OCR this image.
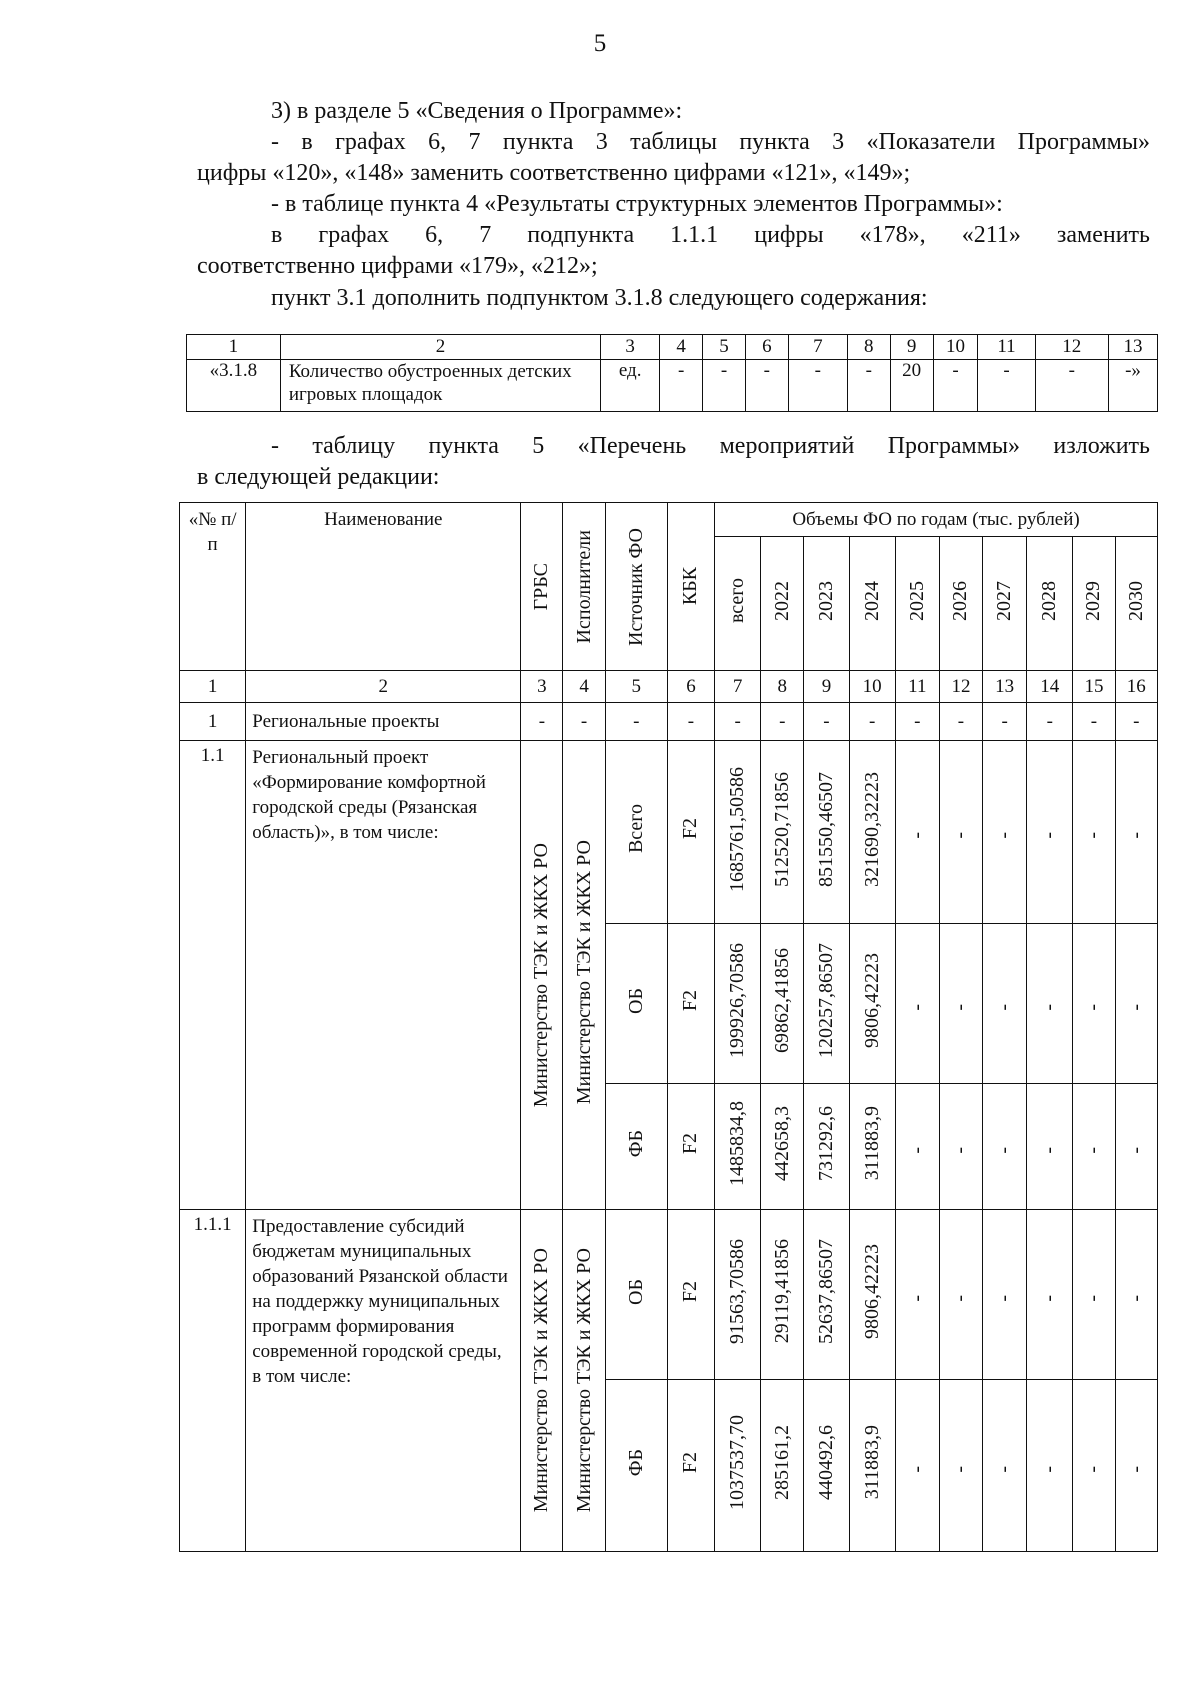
5
3) в разделе 5 «Сведения о Программе»:
- в графах 6, 7 пункта 3 таблицы пункта 3 «Показатели Программы»
цифры «120», «148» заменить соответственно цифрами «121», «149»;
- в таблице пункта 4 «Результаты структурных элементов Программы»:
в графах 6, 7 подпункта 1.1.1 цифры «178», «211» заменить
соответственно цифрами «179», «212»;
пункт 3.1 дополнить подпунктом 3.1.8 следующего содержания:
1	2	3	4	5	6	7	8	9	10	11	12	13
«3.1.8	Количество обустроенных детских игровых площадок	ед.	-	-	-	-	-	20	-	-	-	-»
- таблицу пункта 5 «Перечень мероприятий Программы» изложить
в следующей редакции:
«№ п/п	Наименование	ГРБС	Исполнители	Источник ФО	КБК	Объемы ФО по годам (тыс. рублей)									
						всего	2022	2023	2024	2025	2026	2027	2028	2029	2030
1	2	3	4	5	6	7	8	9	10	11	12	13	14	15	16
1	Региональные проекты	-	-	-	-	-	-	-	-	-	-	-	-	-	-
1.1	Региональный проект «Формирование комфортной городской среды (Рязанская область)», в том числе:	Министерство ТЭК и ЖКХ РО	Министерство ТЭК и ЖКХ РО	Всего	F2	1685761,50586	512520,71856	851550,46507	321690,32223	-	-	-	-	-	-
				ОБ	F2	199926,70586	69862,41856	120257,86507	9806,42223	-	-	-	-	-	-
				ФБ	F2	1485834,8	442658,3	731292,6	311883,9	-	-	-	-	-	-
1.1.1	Предоставление субсидий бюджетам муниципальных образований Рязанской области на поддержку муниципальных программ формирования современной городской среды, в том числе:	Министерство ТЭК и ЖКХ РО	Министерство ТЭК и ЖКХ РО	ОБ	F2	91563,70586	29119,41856	52637,86507	9806,42223	-	-	-	-	-	-
				ФБ	F2	1037537,70	285161,2	440492,6	311883,9	-	-	-	-	-	-
